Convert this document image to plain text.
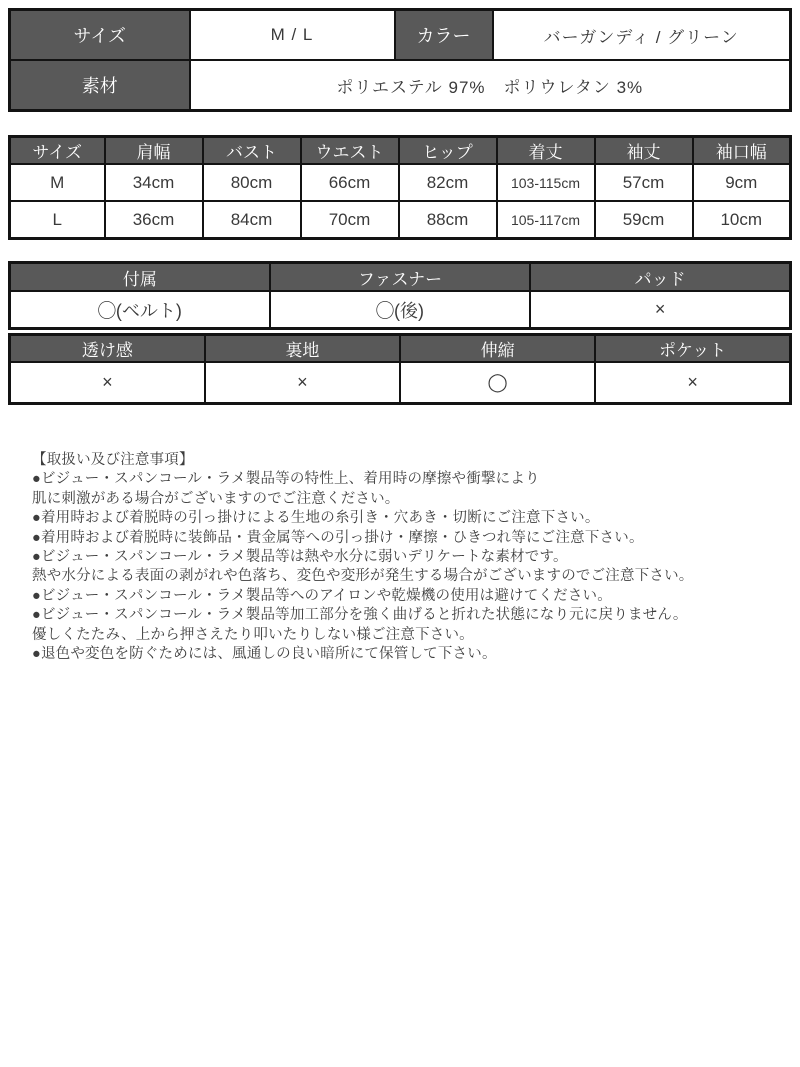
サイズ	M / L	カラー	バーガンディ / グリーン
素材	ポリエステル 97%　ポリウレタン 3%		
サイズ	肩幅	バスト	ウエスト	ヒップ	着丈	袖丈	袖口幅
M	34cm	80cm	66cm	82cm	103-115cm	57cm	9cm
L	36cm	84cm	70cm	88cm	105-117cm	59cm	10cm
付属	ファスナー	パッド
◯(ベルト)	◯(後)	×
透け感	裏地	伸縮	ポケット
×	×	◯	×
【取扱い及び注意事項】
●ビジュー・スパンコール・ラメ製品等の特性上、着用時の摩擦や衝撃により
肌に刺激がある場合がございますのでご注意ください。
●着用時および着脱時の引っ掛けによる生地の糸引き・穴あき・切断にご注意下さい。
●着用時および着脱時に装飾品・貴金属等への引っ掛け・摩擦・ひきつれ等にご注意下さい。
●ビジュー・スパンコール・ラメ製品等は熱や水分に弱いデリケートな素材です。
熱や水分による表面の剥がれや色落ち、変色や変形が発生する場合がございますのでご注意下さい。
●ビジュー・スパンコール・ラメ製品等へのアイロンや乾燥機の使用は避けてください。
●ビジュー・スパンコール・ラメ製品等加工部分を強く曲げると折れた状態になり元に戻りません。
優しくたたみ、上から押さえたり叩いたりしない様ご注意下さい。
●退色や変色を防ぐためには、風通しの良い暗所にて保管して下さい。
